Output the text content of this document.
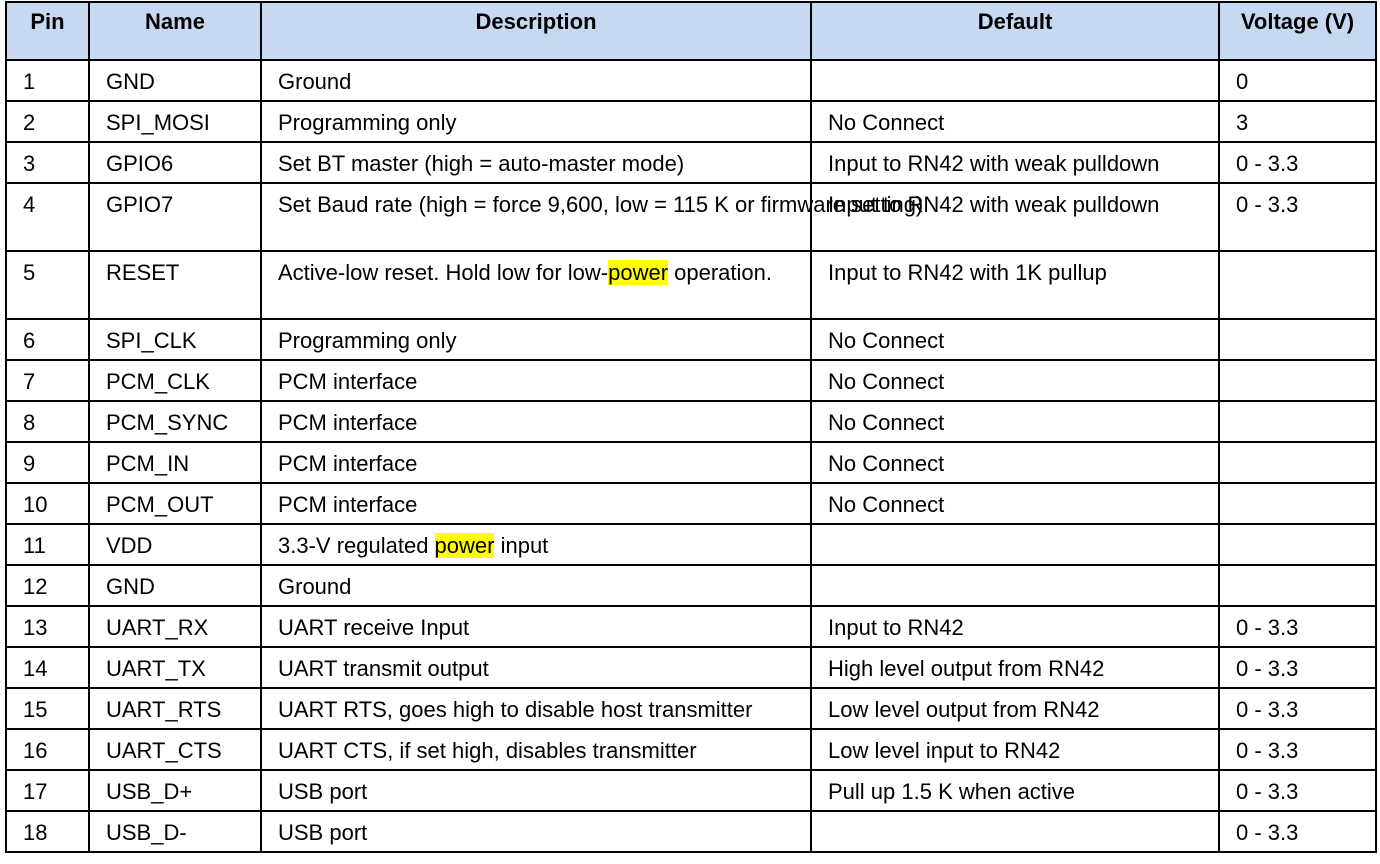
Pin	Name	Description	Default	Voltage (V)
1	GND	Ground		0
2	SPI_MOSI	Programming only	No Connect	3
3	GPIO6	Set BT master (high = auto-master mode)	Input to RN42 with weak pulldown	0 - 3.3
4	GPIO7	Set Baud rate (high = force 9,600, low = 115 K or firmware setting)	Input to RN42 with weak pulldown	0 - 3.3
5	RESET	Active-low reset. Hold low for low-power operation.	Input to RN42 with 1K pullup	
6	SPI_CLK	Programming only	No Connect	
7	PCM_CLK	PCM interface	No Connect	
8	PCM_SYNC	PCM interface	No Connect	
9	PCM_IN	PCM interface	No Connect	
10	PCM_OUT	PCM interface	No Connect	
11	VDD	3.3-V regulated power input		
12	GND	Ground		
13	UART_RX	UART receive Input	Input to RN42	0 - 3.3
14	UART_TX	UART transmit output	High level output from RN42	0 - 3.3
15	UART_RTS	UART RTS, goes high to disable host transmitter	Low level output from RN42	0 - 3.3
16	UART_CTS	UART CTS, if set high, disables transmitter	Low level input to RN42	0 - 3.3
17	USB_D+	USB port	Pull up 1.5 K when active	0 - 3.3
18	USB_D-	USB port		0 - 3.3
